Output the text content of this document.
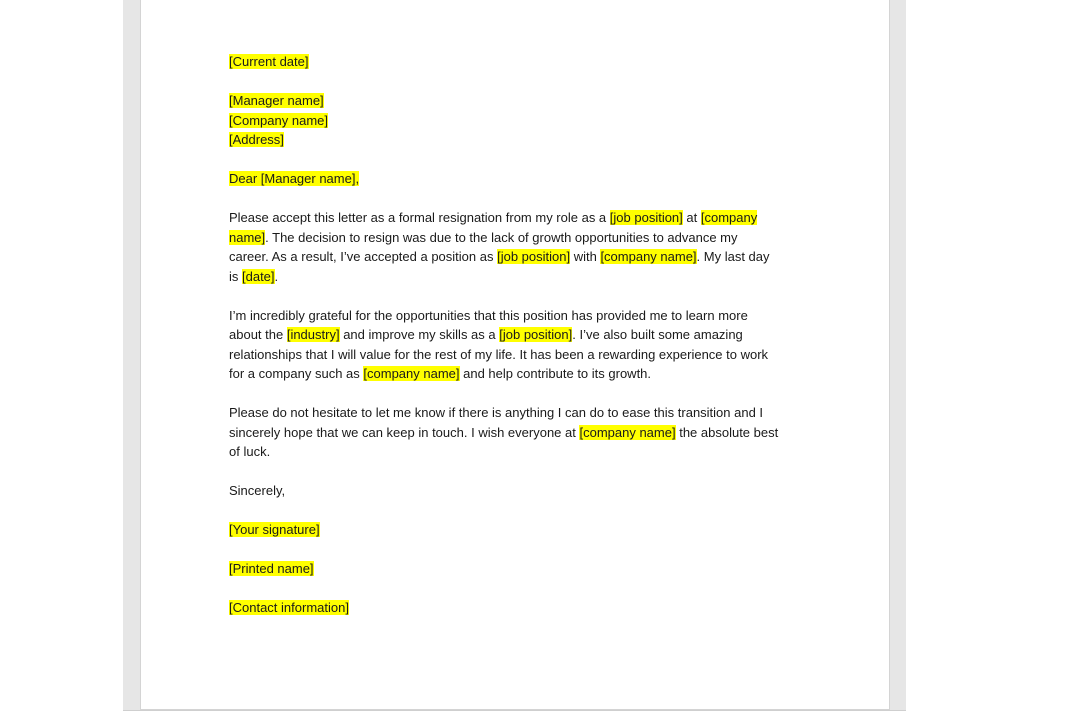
[Current date]

[Manager name]
[Company name]
[Address]

Dear [Manager name],

Please accept this letter as a formal resignation from my role as a [job position] at [company
name]. The decision to resign was due to the lack of growth opportunities to advance my
career. As a result, I’ve accepted a position as [job position] with [company name]. My last day
is [date].

I’m incredibly grateful for the opportunities that this position has provided me to learn more
about the [industry] and improve my skills as a [job position]. I’ve also built some amazing
relationships that I will value for the rest of my life. It has been a rewarding experience to work
for a company such as [company name] and help contribute to its growth.

Please do not hesitate to let me know if there is anything I can do to ease this transition and I
sincerely hope that we can keep in touch. I wish everyone at [company name] the absolute best
of luck.

Sincerely,

[Your signature]

[Printed name]

[Contact information]
